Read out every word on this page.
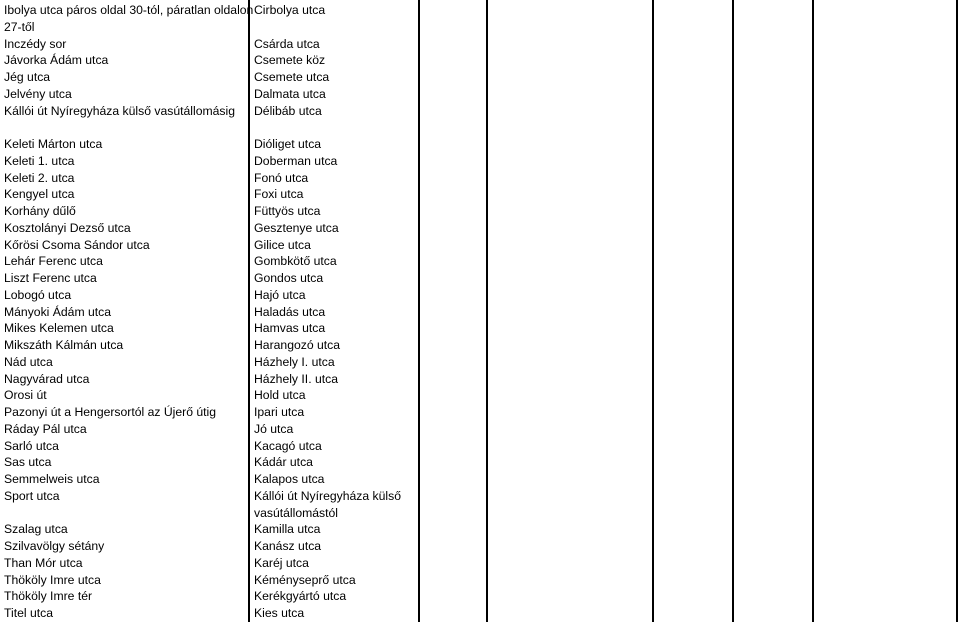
Ibolya utca páros oldal 30-tól, páratlan oldalon
27-től
Inczédy sor
Jávorka Ádám utca
Jég utca
Jelvény utca
Kállói út Nyíregyháza külső vasútállomásig
Keleti Márton utca
Keleti 1. utca
Keleti 2. utca
Kengyel utca
Korhány dűlő
Kosztolányi Dezső utca
Kőrösi Csoma Sándor utca
Lehár Ferenc utca
Liszt Ferenc utca
Lobogó utca
Mányoki Ádám utca
Mikes Kelemen utca
Mikszáth Kálmán utca
Nád utca
Nagyvárad utca
Orosi út
Pazonyi út a Hengersortól az Újerő útig
Ráday Pál utca
Sarló utca
Sas utca
Semmelweis utca
Sport utca
Szalag utca
Szilvavölgy sétány
Than Mór utca
Thököly Imre utca
Thököly Imre tér
Titel utca
Cirbolya utca
Csárda utca
Csemete köz
Csemete utca
Dalmata utca
Délibáb utca
Dióliget utca
Doberman utca
Fonó utca
Foxi utca
Füttyös utca
Gesztenye utca
Gilice utca
Gombkötő utca
Gondos utca
Hajó utca
Haladás utca
Hamvas utca
Harangozó utca
Házhely I. utca
Házhely II. utca
Hold utca
Ipari utca
Jó utca
Kacagó utca
Kádár utca
Kalapos utca
Kállói út Nyíregyháza külső
vasútállomástól
Kamilla utca
Kanász utca
Karéj utca
Kéményseprő utca
Kerékgyártó utca
Kies utca
